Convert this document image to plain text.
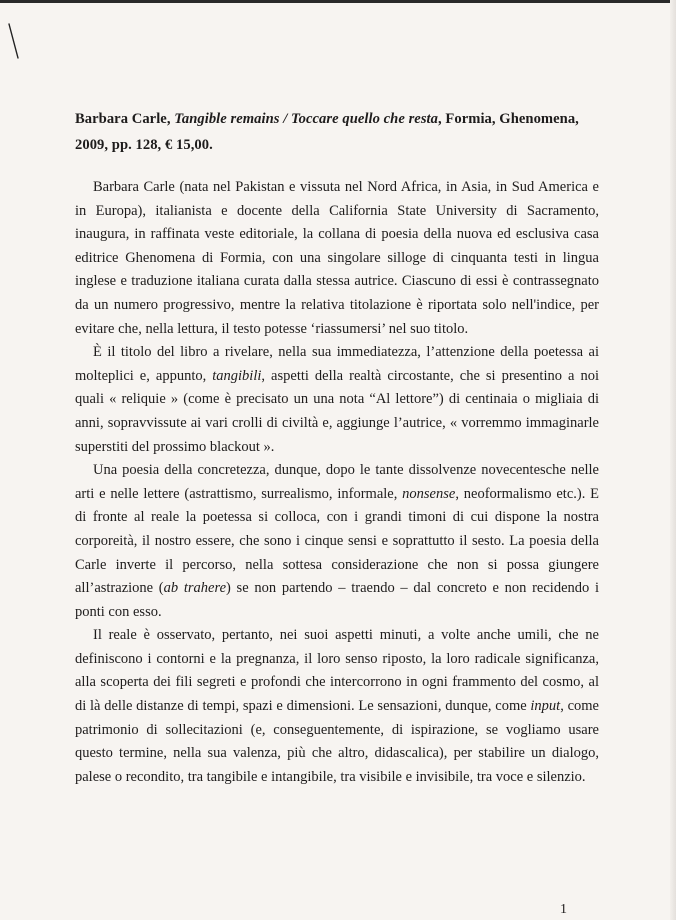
Barbara Carle, Tangible remains / Toccare quello che resta, Formia, Ghenomena, 2009, pp. 128, € 15,00.

Barbara Carle (nata nel Pakistan e vissuta nel Nord Africa, in Asia, in Sud America e in Europa), italianista e docente della California State University di Sacramento, inaugura, in raffinata veste editoriale, la collana di poesia della nuova ed esclusiva casa editrice Ghenomena di Formia, con una singolare silloge di cinquanta testi in lingua inglese e traduzione italiana curata dalla stessa autrice. Ciascuno di essi è contrassegnato da un numero progressivo, mentre la relativa titolazione è riportata solo nell'indice, per evitare che, nella lettura, il testo potesse ‘riassumersi’ nel suo titolo.

È il titolo del libro a rivelare, nella sua immediatezza, l’attenzione della poetessa ai molteplici e, appunto, tangibili, aspetti della realtà circostante, che si presentino a noi quali « reliquie » (come è precisato un una nota “Al lettore”) di centinaia o migliaia di anni, sopravvissute ai vari crolli di civiltà e, aggiunge l’autrice, « vorremmo immaginarle superstiti del prossimo blackout ».

Una poesia della concretezza, dunque, dopo le tante dissolvenze novecentesche nelle arti e nelle lettere (astrattismo, surrealismo, informale, nonsense, neoformalismo etc.). E di fronte al reale la poetessa si colloca, con i grandi timoni di cui dispone la nostra corporeità, il nostro essere, che sono i cinque sensi e soprattutto il sesto. La poesia della Carle inverte il percorso, nella sottesa considerazione che non si possa giungere all’astrazione (ab trahere) se non partendo – traendo – dal concreto e non recidendo i ponti con esso.

Il reale è osservato, pertanto, nei suoi aspetti minuti, a volte anche umili, che ne definiscono i contorni e la pregnanza, il loro senso riposto, la loro radicale significanza, alla scoperta dei fili segreti e profondi che intercorrono in ogni frammento del cosmo, al di là delle distanze di tempi, spazi e dimensioni. Le sensazioni, dunque, come input, come patrimonio di sollecitazioni (e, conseguentemente, di ispirazione, se vogliamo usare questo termine, nella sua valenza, più che altro, didascalica), per stabilire un dialogo, palese o recondito, tra tangibile e intangibile, tra visibile e invisibile, tra voce e silenzio.

1
